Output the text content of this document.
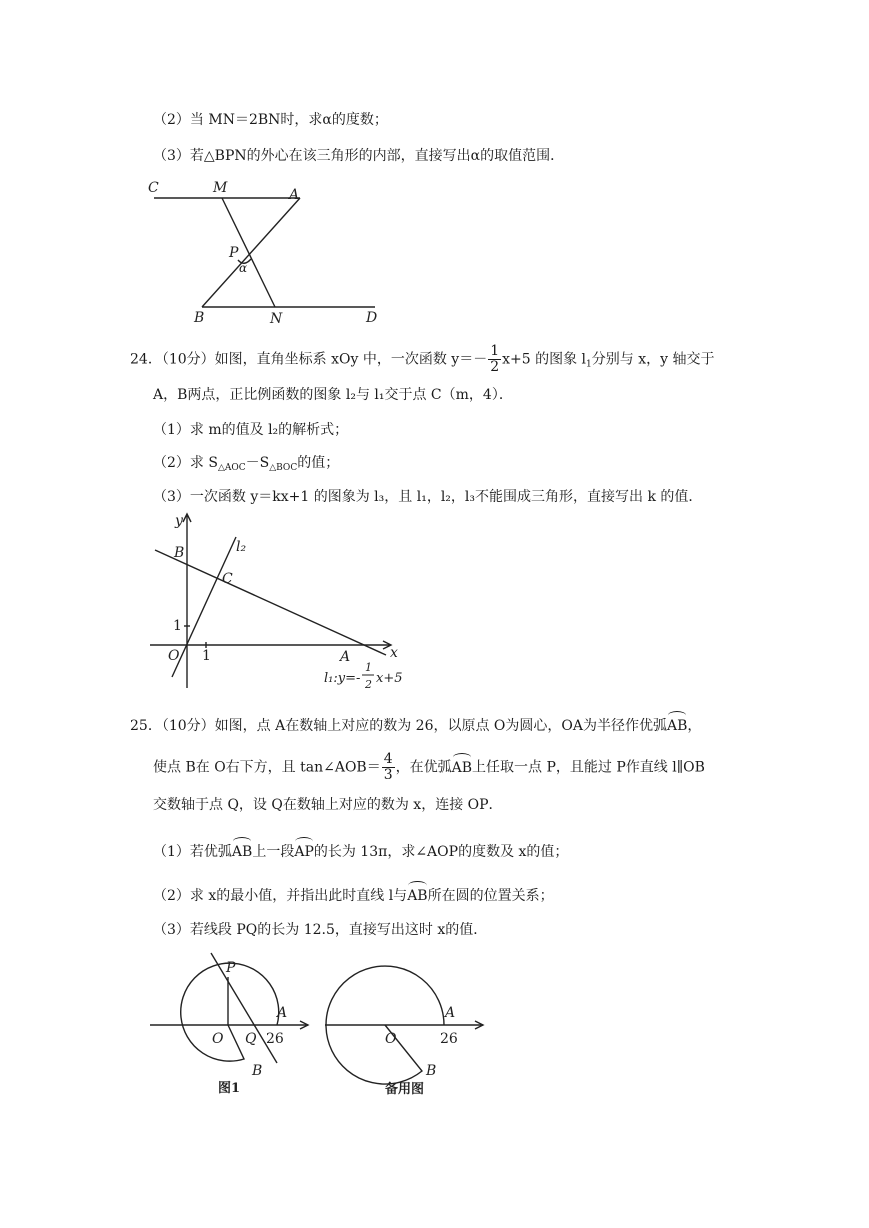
（2）当 MN＝2BN时，求α的度数；
（3）若△BPN的外心在该三角形的内部，直接写出α的取值范围．
C	M	A
P
α
B	N	D
24．（10分）如图，直角坐标系 xOy 中，一次函数 $y=- \frac{1}{2} x+5$ 的图象 $l_1$分别与 x，y 轴交于
A，B两点，正比例函数的图象 l₂与 l₁交于点 C（m，4）．
（1）求 m的值及 l₂的解析式；
（2）求 $S_{\triangle AOC}-S_{\triangle BOC}$的值；
（3）一次函数 y＝kx+1 的图象为 l₃，且 l₁，l₂，l₃不能围成三角形，直接写出 k 的值．
y
B	l₂
C
1
O 1	A	x
l₁:y=-
1
2 x+5
25．（10分）如图，点 A在数轴上对应的数为 26，以原点 O为圆心，OA为半径作优弧AB，
使点 B在 O右下方，且 tan∠AOB＝ $\frac{4}{3}$ ，在优弧AB上任取一点 P，且能过 P作直线 l∥OB
交数轴于点 Q，设 Q在数轴上对应的数为 x，连接 OP．
（1）若优弧AB上一段AP的长为 13π，求∠AOP的度数及 x的值；
（2）求 x的最小值，并指出此时直线 l与AB所在圆的位置关系；
（3）若线段 PQ的长为 12.5，直接写出这时 x的值．
P
A
O Q 26
B
图1
A
O	26
B
备用图
